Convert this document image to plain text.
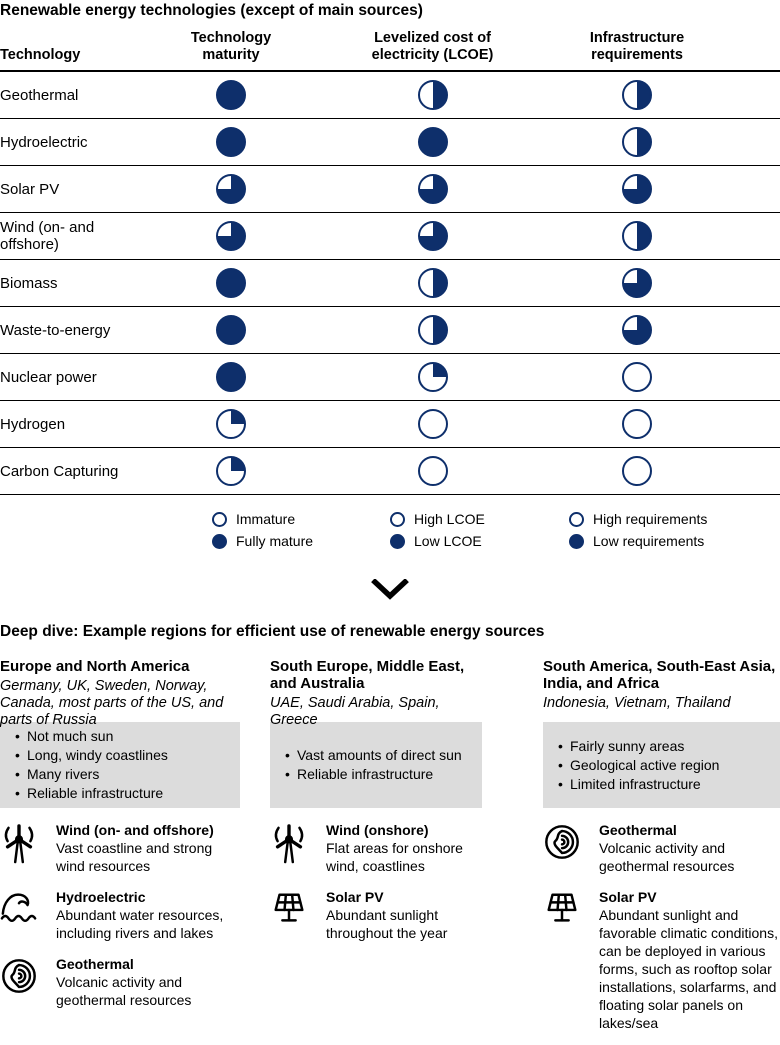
Renewable energy technologies (except of main sources)
Technology
Technology maturity
Levelized cost of electricity (LCOE)
Infrastructure requirements
Geothermal
Hydroelectric
Solar PV
Wind (on- and offshore)
Biomass
Waste-to-energy
Nuclear power
Hydrogen
Carbon Capturing
Immature
Fully mature
High LCOE
Low LCOE
High requirements
Low requirements
Deep dive: Example regions for efficient use of renewable energy sources
Europe and North America
Germany, UK, Sweden, Norway, Canada, most parts of the US, and parts of Russia
• Not much sun
• Long, windy coastlines
• Many rivers
• Reliable infrastructure
Wind (on- and offshore)
Vast coastline and strong wind resources
Hydroelectric
Abundant water resources, including rivers and lakes
Geothermal
Volcanic activity and geothermal resources
South Europe, Middle East, and Australia
UAE, Saudi Arabia, Spain, Greece
• Vast amounts of direct sun
• Reliable infrastructure
Wind (onshore)
Flat areas for onshore wind, coastlines
Solar PV
Abundant sunlight throughout the year
South America, South-East Asia, India, and Africa
Indonesia, Vietnam, Thailand
• Fairly sunny areas
• Geological active region
• Limited infrastructure
Geothermal
Volcanic activity and geothermal resources
Solar PV
Abundant sunlight and favorable climatic conditions, can be deployed in various forms, such as rooftop solar installations, solarfarms, and floating solar panels on lakes/sea
